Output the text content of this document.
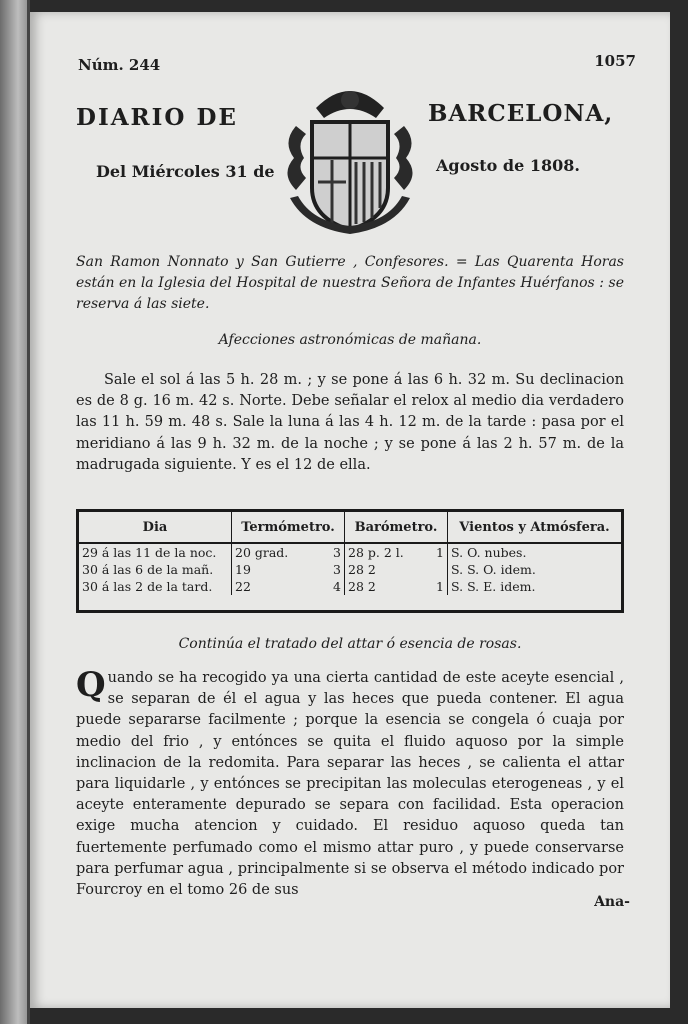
Núm. 244	1057
DIARIO DE	BARCELONA,
Del Miércoles 31 de	Agosto de 1808.
San Ramon Nonnato y San Gutierre , Confesores. = Las Quarenta Horas están en la Iglesia del Hospital de nuestra Señora de Infantes Huérfanos : se reserva á las siete.
Afecciones astronómicas de mañana.
Sale el sol á las 5 h. 28 m. ; y se pone á las 6 h. 32 m. Su declinacion es de 8 g. 16 m. 42 s. Norte. Debe señalar el relox al medio dia verdadero las 11 h. 59 m. 48 s. Sale la luna á las 4 h. 12 m. de la tarde : pasa por el meridiano á las 9 h. 32 m. de la noche ; y se pone á las 2 h. 57 m. de la madrugada siguiente. Y es el 12 de ella.
Dia	Termómetro.	Barómetro.	Vientos y Atmósfera.
29 á las 11 de la noc.	20 grad. 3	28 p. 2 l. 1	S. O. nubes.
30 á las 6 de la mañ.	19 3	28 2	S. S. O. idem.
30 á las 2 de la tard.	22 4	28 2 1	S. S. E. idem.
Continúa el tratado del attar ó esencia de rosas.
Quando se ha recogido ya una cierta cantidad de este aceyte esencial , se separan de él el agua y las heces que pueda contener. El agua puede separarse facilmente ; porque la esencia se congela ó cuaja por medio del frio , y entónces se quita el fluido aquoso por la simple inclinacion de la redomita. Para separar las heces , se calienta el attar para liquidarle , y entónces se precipitan las moleculas eterogeneas , y el aceyte enteramente depurado se separa con facilidad. Esta operacion exige mucha atencion y cuidado. El residuo aquoso queda tan fuertemente perfumado como el mismo attar puro , y puede conservarse para perfumar agua , principalmente si se observa el método indicado por Fourcroy en el tomo 26 de sus
Ana-
